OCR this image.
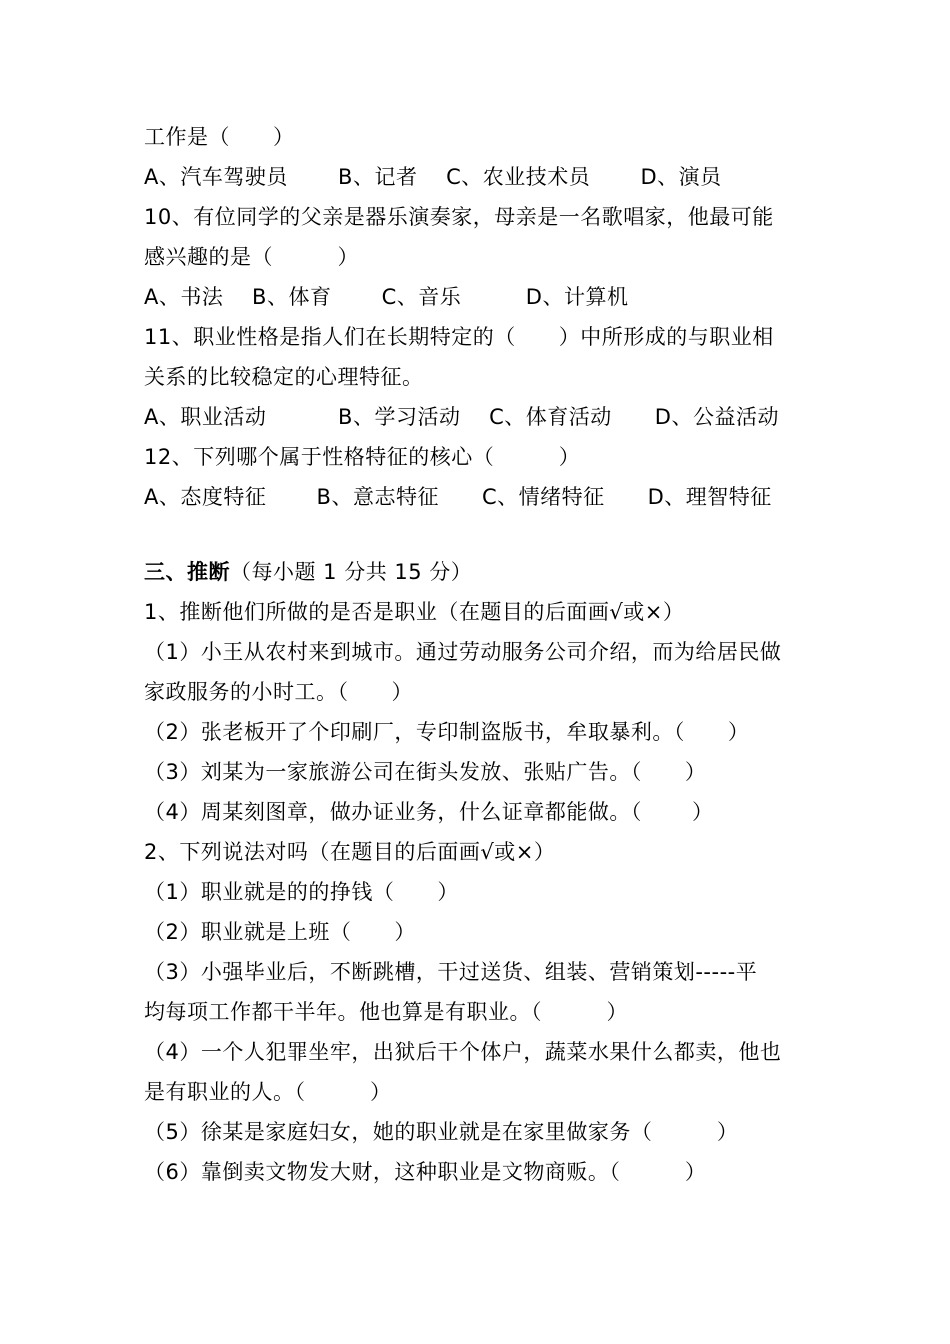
工作是（　　）
A、汽车驾驶员　　 B、记者　 C、农业技术员　　 D、演员
10、有位同学的父亲是器乐演奏家，母亲是一名歌唱家，他最可能
感兴趣的是（　　　）
A、书法　 B、体育　　 C、音乐　　　D、计算机
11、职业性格是指人们在长期特定的（　　）中所形成的与职业相
关系的比较稳定的心理特征。
A、职业活动　　　 B、学习活动　 C、体育活动　　D、公益活动
12、下列哪个属于性格特征的核心（　　　）
A、态度特征　　 B、意志特征　　C、情绪特征　　D、理智特征
三、推断（每小题 1 分共 15 分）
1、推断他们所做的是否是职业（在题目的后面画√或×）
（1）小王从农村来到城市。通过劳动服务公司介绍，而为给居民做
家政服务的小时工。（　　）
（2）张老板开了个印刷厂，专印制盗版书，牟取暴利。（　　）
（3）刘某为一家旅游公司在街头发放、张贴广告。（　　）
（4）周某刻图章，做办证业务，什么证章都能做。（　　 ）
2、下列说法对吗（在题目的后面画√或×）
（1）职业就是的的挣钱（　　）
（2）职业就是上班（　　）
（3）小强毕业后，不断跳槽，干过送货、组装、营销策划-----平
均每项工作都干半年。他也算是有职业。（　　　）
（4）一个人犯罪坐牢，出狱后干个体户，蔬菜水果什么都卖，他也
是有职业的人。（　　　）
（5）徐某是家庭妇女，她的职业就是在家里做家务（　　　）
（6）靠倒卖文物发大财，这种职业是文物商贩。（　　　）
